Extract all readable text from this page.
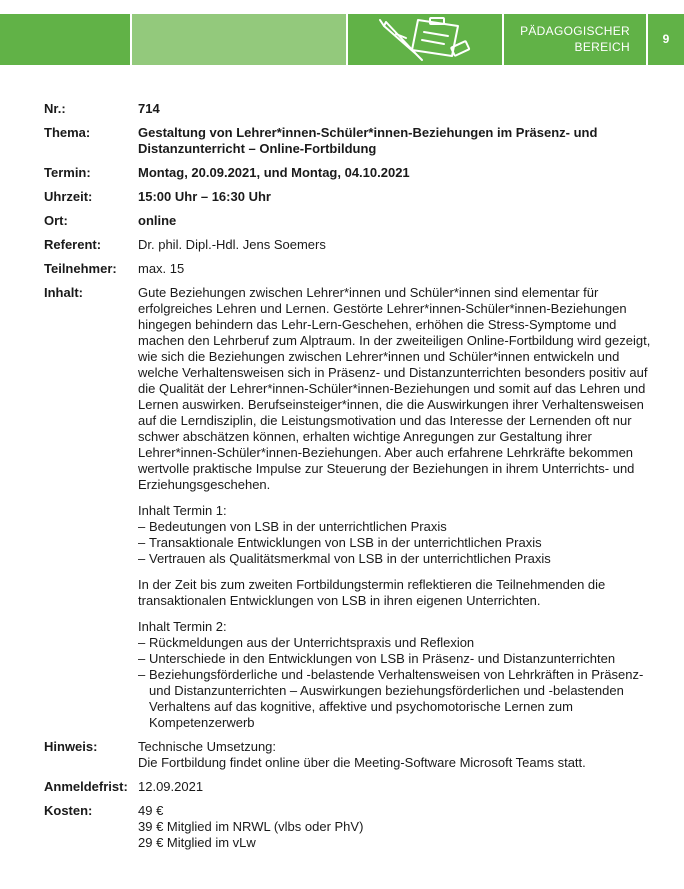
PÄDAGOGISCHER
BEREICH
9
Nr.:	714
Thema:	Gestaltung von Lehrer*innen-Schüler*innen-Beziehungen im Präsenz- und Distanzunterricht – Online-Fortbildung
Termin:	Montag, 20.09.2021, und Montag, 04.10.2021
Uhrzeit:	15:00 Uhr – 16:30 Uhr
Ort:	online
Referent:	Dr. phil. Dipl.-Hdl. Jens Soemers
Teilnehmer:	max. 15
Inhalt:	Gute Beziehungen zwischen Lehrer*innen und Schüler*innen sind elementar für erfolgreiches Lehren und Lernen. Gestörte Lehrer*innen-Schüler*innen-Beziehungen hingegen behindern das Lehr-Lern-Geschehen, erhöhen die Stress-Symptome und machen den Lehrberuf zum Alptraum. In der zweiteiligen Online-Fortbildung wird gezeigt, wie sich die Beziehungen zwischen Lehrer*innen und Schüler*innen entwickeln und welche Verhaltensweisen sich in Präsenz- und Distanzunterrichten besonders positiv auf die Qualität der Lehrer*innen-Schüler*innen-Beziehungen und somit auf das Lehren und Lernen auswirken. Berufseinsteiger*innen, die die Auswirkungen ihrer Verhaltensweisen auf die Lerndisziplin, die Leistungsmotivation und das Interesse der Lernenden oft nur schwer abschätzen können, erhalten wichtige Anregungen zur Gestaltung ihrer Lehrer*innen-Schüler*innen-Beziehungen. Aber auch erfahrene Lehrkräfte bekommen wertvolle praktische Impulse zur Steuerung der Beziehungen in ihrem Unterrichts- und Erziehungsgeschehen.

Inhalt Termin 1:
– Bedeutungen von LSB in der unterrichtlichen Praxis
– Transaktionale Entwicklungen von LSB in der unterrichtlichen Praxis
– Vertrauen als Qualitätsmerkmal von LSB in der unterrichtlichen Praxis

In der Zeit bis zum zweiten Fortbildungstermin reflektieren die Teilnehmenden die transaktionalen Entwicklungen von LSB in ihren eigenen Unterrichten.

Inhalt Termin 2:
– Rückmeldungen aus der Unterrichtspraxis und Reflexion
– Unterschiede in den Entwicklungen von LSB in Präsenz- und Distanzunterrichten
– Beziehungsförderliche und -belastende Verhaltensweisen von Lehrkräften in Präsenz- und Distanzunterrichten – Auswirkungen beziehungsförderlichen und -belastenden Verhaltens auf das kognitive, affektive und psychomotorische Lernen zum Kompetenzerwerb
Hinweis:	Technische Umsetzung:
Die Fortbildung findet online über die Meeting-Software Microsoft Teams statt.
Anmeldefrist: 12.09.2021
Kosten:	49 €
39 € Mitglied im NRWL (vlbs oder PhV)
29 € Mitglied im vLw
